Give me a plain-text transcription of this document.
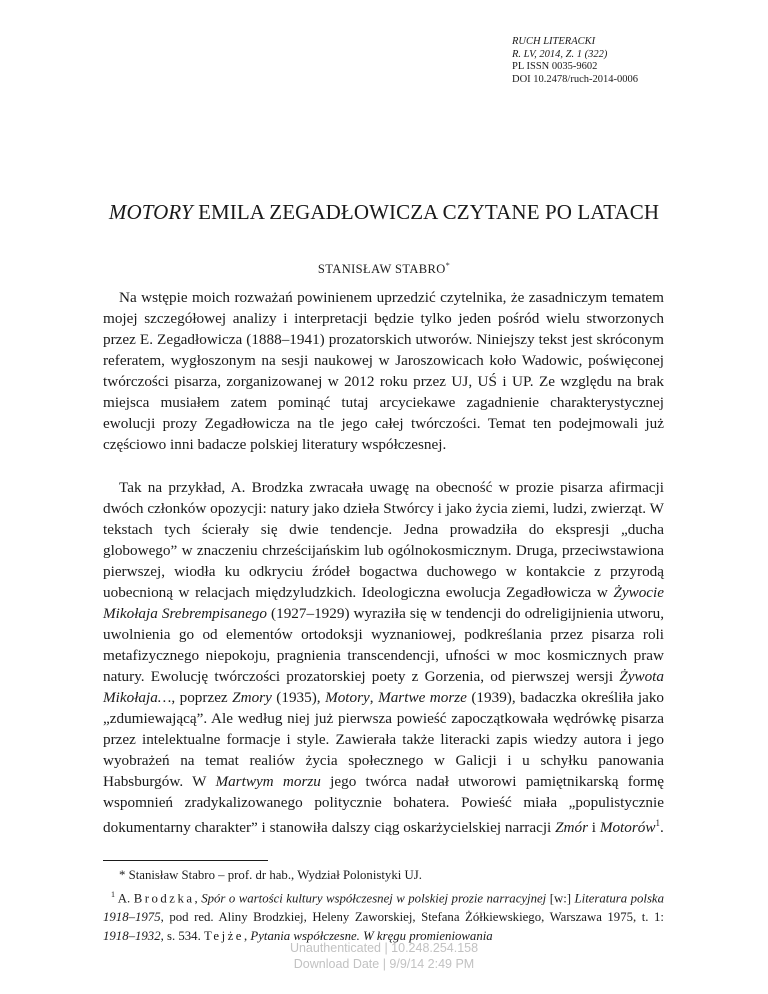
RUCH LITERACKI
R. LV, 2014, Z. 1 (322)
PL ISSN 0035-9602
DOI 10.2478/ruch-2014-0006
MOTORY EMILA ZEGADŁOWICZA CZYTANE PO LATACH
STANISŁAW STABRO*
Na wstępie moich rozważań powinienem uprzedzić czytelnika, że zasadniczym tematem mojej szczegółowej analizy i interpretacji będzie tylko jeden pośród wielu stworzonych przez E. Zegadłowicza (1888–1941) prozatorskich utworów. Niniejszy tekst jest skróconym referatem, wygłoszonym na sesji naukowej w Jaroszowicach koło Wadowic, poświęconej twórczości pisarza, zorganizowanej w 2012 roku przez UJ, UŚ i UP. Ze względu na brak miejsca musiałem zatem pominąć tutaj arcyciekawe zagadnienie charakterystycznej ewolucji prozy Zegadłowicza na tle jego całej twórczości. Temat ten podejmowali już częściowo inni badacze polskiej literatury współczesnej.
Tak na przykład, A. Brodzka zwracała uwagę na obecność w prozie pisarza afirmacji dwóch członków opozycji: natury jako dzieła Stwórcy i jako życia ziemi, ludzi, zwierząt. W tekstach tych ścierały się dwie tendencje. Jedna prowadziła do ekspresji „ducha globowego” w znaczeniu chrześcijańskim lub ogólnokosmicznym. Druga, przeciwstawiona pierwszej, wiodła ku odkryciu źródeł bogactwa duchowego w kontakcie z przyrodą uobecnioną w relacjach międzyludzkich. Ideologiczna ewolucja Zegadłowicza w Żywocie Mikołaja Srebrempisanego (1927–1929) wyraziła się w tendencji do odreligijnienia utworu, uwolnienia go od elementów ortodoksji wyznaniowej, podkreślania przez pisarza roli metafizycznego niepokoju, pragnienia transcendencji, ufności w moc kosmicznych praw natury. Ewolucję twórczości prozatorskiej poety z Gorzenia, od pierwszej wersji Żywota Mikołaja…, poprzez Zmory (1935), Motory, Martwe morze (1939), badaczka określiła jako „zdumiewającą”. Ale według niej już pierwsza powieść zapoczątkowała wędrówkę pisarza przez intelektualne formacje i style. Zawierała także literacki zapis wiedzy autora i jego wyobrażeń na temat realiów życia społecznego w Galicji i u schyłku panowania Habsburgów. W Martwym morzu jego twórca nadał utworowi pamiętnikarską formę wspomnień zradykalizowanego politycznie bohatera. Powieść miała „populistycznie dokumentarny charakter” i stanowiła dalszy ciąg oskarżycielskiej narracji Zmór i Motorów$^1$.
* Stanisław Stabro – prof. dr hab., Wydział Polonistyki UJ.
$^1$ A. Brodzka, Spór o wartości kultury współczesnej w polskiej prozie narracyjnej [w:] Literatura polska 1918–1975, pod red. Aliny Brodzkiej, Heleny Zaworskiej, Stefana Żółkiewskiego, Warszawa 1975, t. 1: 1918–1932, s. 534. Tejże, Pytania współczesne. W kręgu promieniowania
Unauthenticated | 10.248.254.158
Download Date | 9/9/14 2:49 PM
